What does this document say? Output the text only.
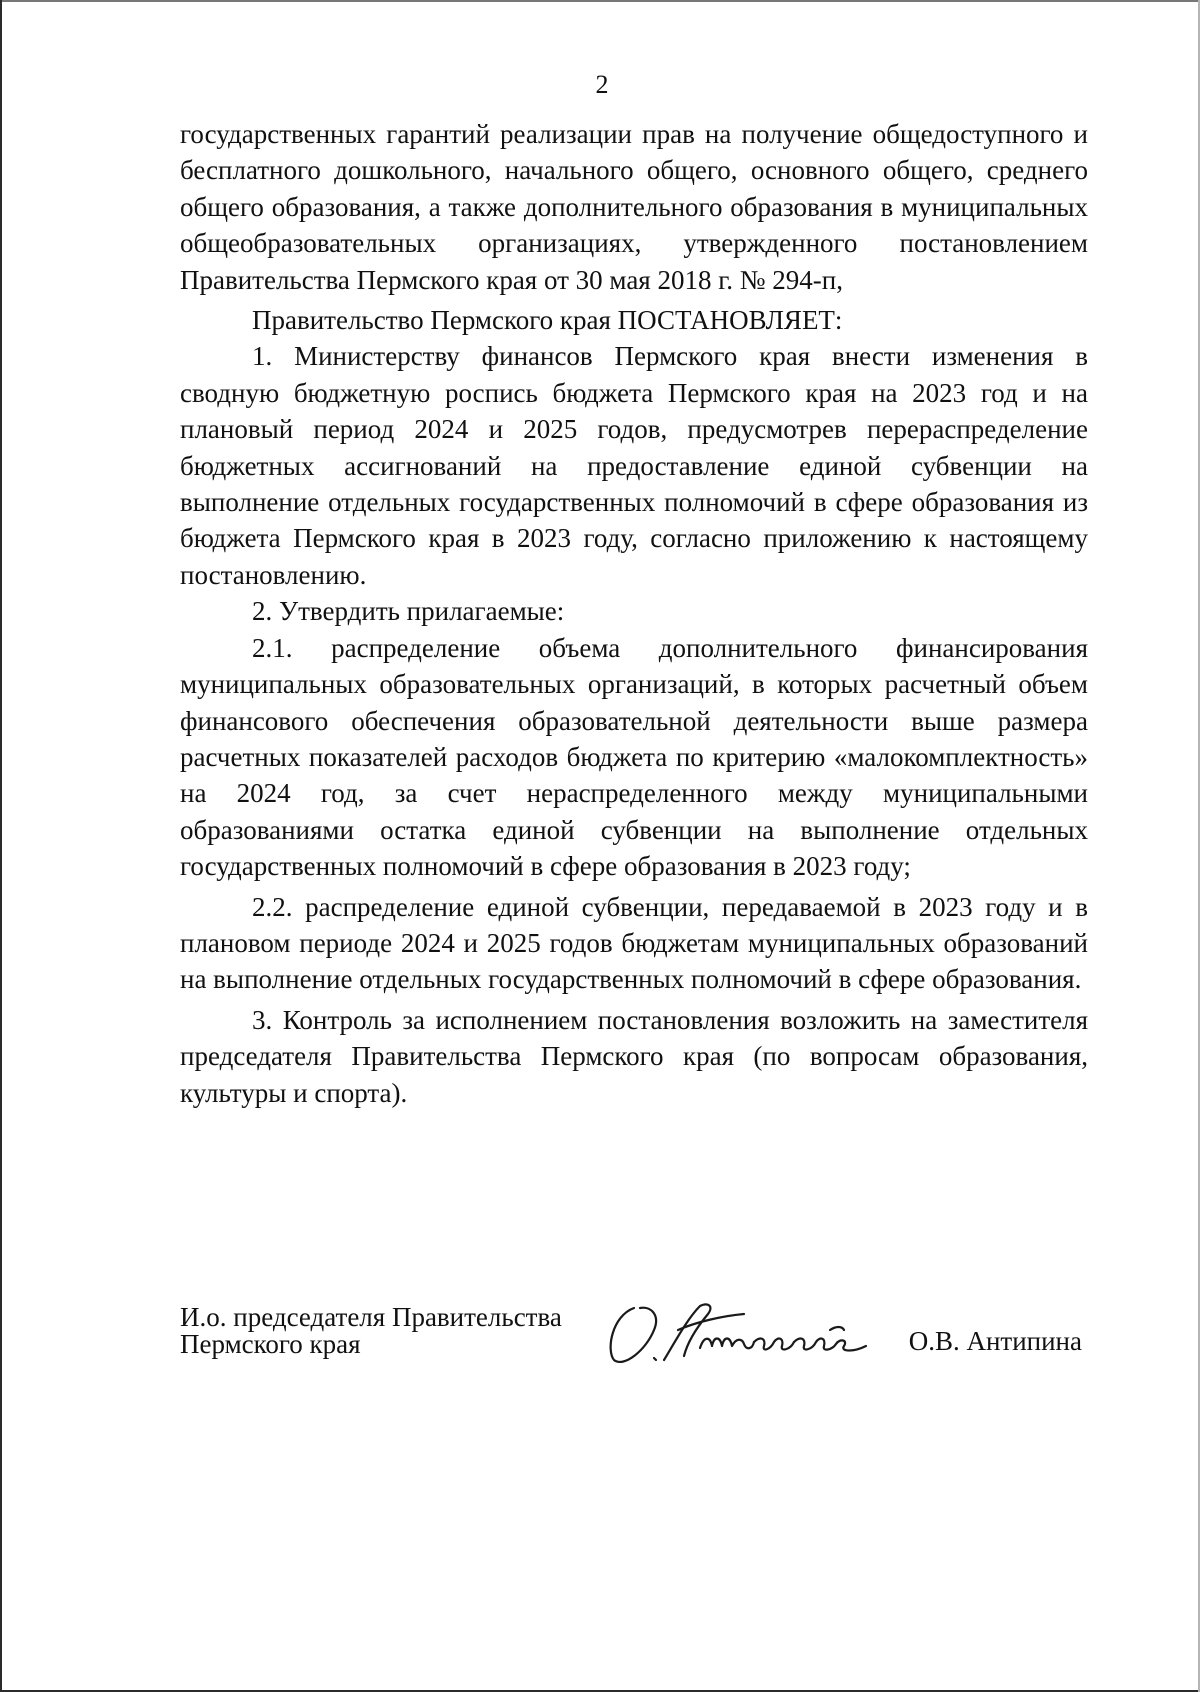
2

государственных гарантий реализации прав на получение общедоступного и бесплатного дошкольного, начального общего, основного общего, среднего общего образования, а также дополнительного образования в муниципальных общеобразовательных организациях, утвержденного постановлением Правительства Пермского края от 30 мая 2018 г. № 294-п,

Правительство Пермского края ПОСТАНОВЛЯЕТ:

1. Министерству финансов Пермского края внести изменения в сводную бюджетную роспись бюджета Пермского края на 2023 год и на плановый период 2024 и 2025 годов, предусмотрев перераспределение бюджетных ассигнований на предоставление единой субвенции на выполнение отдельных государственных полномочий в сфере образования из бюджета Пермского края в 2023 году, согласно приложению к настоящему постановлению.

2. Утвердить прилагаемые:

2.1. распределение объема дополнительного финансирования муниципальных образовательных организаций, в которых расчетный объем финансового обеспечения образовательной деятельности выше размера расчетных показателей расходов бюджета по критерию «малокомплектность» на 2024 год, за счет нераспределенного между муниципальными образованиями остатка единой субвенции на выполнение отдельных государственных полномочий в сфере образования в 2023 году;

2.2. распределение единой субвенции, передаваемой в 2023 году и в плановом периоде 2024 и 2025 годов бюджетам муниципальных образований на выполнение отдельных государственных полномочий в сфере образования.

3. Контроль за исполнением постановления возложить на заместителя председателя Правительства Пермского края (по вопросам образования, культуры и спорта).

И.о. председателя Правительства
Пермского края	О.В. Антипина
